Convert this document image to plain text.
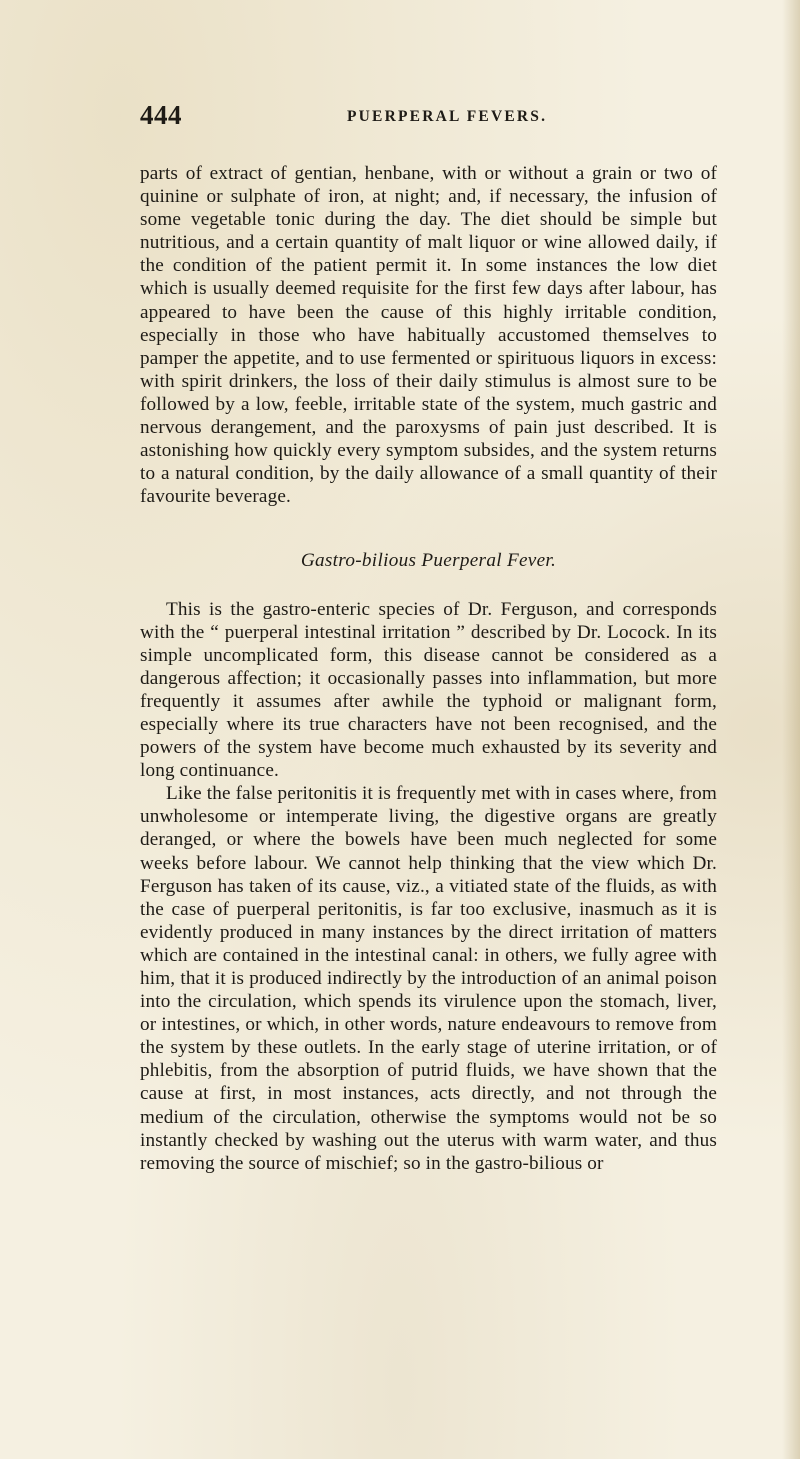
444	PUERPERAL FEVERS.

parts of extract of gentian, henbane, with or without a grain or two of quinine or sulphate of iron, at night; and, if necessary, the infusion of some vegetable tonic during the day. The diet should be simple but nutritious, and a certain quantity of malt liquor or wine allowed daily, if the condition of the patient permit it. In some instances the low diet which is usually deemed requisite for the first few days after labour, has appeared to have been the cause of this highly irritable condition, especially in those who have habitually accustomed themselves to pamper the appetite, and to use fermented or spirituous liquors in excess: with spirit drinkers, the loss of their daily stimulus is almost sure to be followed by a low, feeble, irritable state of the system, much gastric and nervous derangement, and the paroxysms of pain just described. It is astonishing how quickly every symptom subsides, and the system returns to a natural condition, by the daily allowance of a small quantity of their favourite beverage.

Gastro-bilious Puerperal Fever.

This is the gastro-enteric species of Dr. Ferguson, and corresponds with the “ puerperal intestinal irritation ” described by Dr. Locock. In its simple uncomplicated form, this disease cannot be considered as a dangerous affection; it occasionally passes into inflammation, but more frequently it assumes after awhile the typhoid or malignant form, especially where its true characters have not been recognised, and the powers of the system have become much exhausted by its severity and long continuance.

Like the false peritonitis it is frequently met with in cases where, from unwholesome or intemperate living, the digestive organs are greatly deranged, or where the bowels have been much neglected for some weeks before labour. We cannot help thinking that the view which Dr. Ferguson has taken of its cause, viz., a vitiated state of the fluids, as with the case of puerperal peritonitis, is far too exclusive, inasmuch as it is evidently produced in many instances by the direct irritation of matters which are contained in the intestinal canal: in others, we fully agree with him, that it is produced indirectly by the introduction of an animal poison into the circulation, which spends its virulence upon the stomach, liver, or intestines, or which, in other words, nature endeavours to remove from the system by these outlets. In the early stage of uterine irritation, or of phlebitis, from the absorption of putrid fluids, we have shown that the cause at first, in most instances, acts directly, and not through the medium of the circulation, otherwise the symptoms would not be so instantly checked by washing out the uterus with warm water, and thus removing the source of mischief; so in the gastro-bilious or
